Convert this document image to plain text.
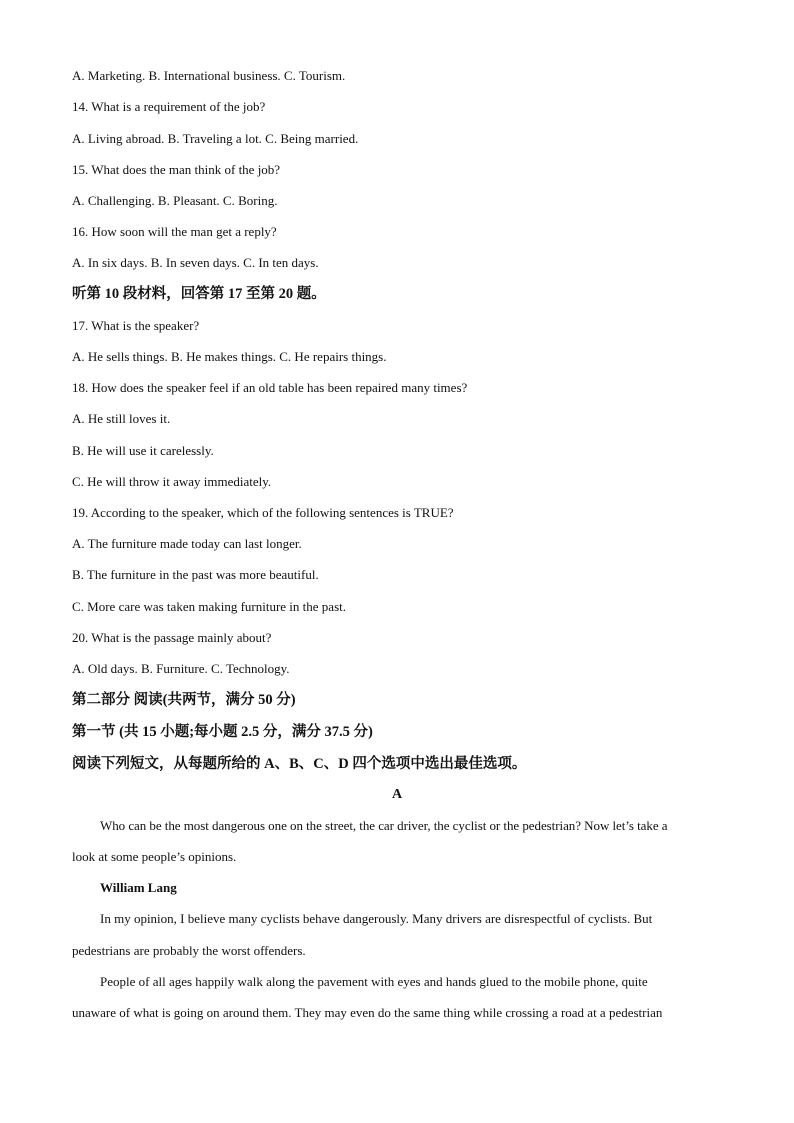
A. Marketing. B. International business. C. Tourism.
14. What is a requirement of the job?
A. Living abroad. B. Traveling a lot. C. Being married.
15. What does the man think of the job?
A. Challenging. B. Pleasant. C. Boring.
16. How soon will the man get a reply?
A. In six days. B. In seven days. C. In ten days.
听第 10 段材料，回答第 17 至第 20 题。
17. What is the speaker?
A. He sells things. B. He makes things. C. He repairs things.
18. How does the speaker feel if an old table has been repaired many times?
A. He still loves it.
B. He will use it carelessly.
C. He will throw it away immediately.
19. According to the speaker, which of the following sentences is TRUE?
A. The furniture made today can last longer.
B. The furniture in the past was more beautiful.
C. More care was taken making furniture in the past.
20. What is the passage mainly about?
A. Old days. B. Furniture. C. Technology.
第二部分 阅读(共两节，满分 50 分)
第一节 (共 15 小题;每小题 2.5 分，满分 37.5 分)
阅读下列短文，从每题所给的 A、B、C、D 四个选项中选出最佳选项。
A
Who can be the most dangerous one on the street, the car driver, the cyclist or the pedestrian? Now let’s take a
look at some people’s opinions.
William Lang
In my opinion, I believe many cyclists behave dangerously. Many drivers are disrespectful of cyclists. But
pedestrians are probably the worst offenders.
People of all ages happily walk along the pavement with eyes and hands glued to the mobile phone, quite
unaware of what is going on around them. They may even do the same thing while crossing a road at a pedestrian
